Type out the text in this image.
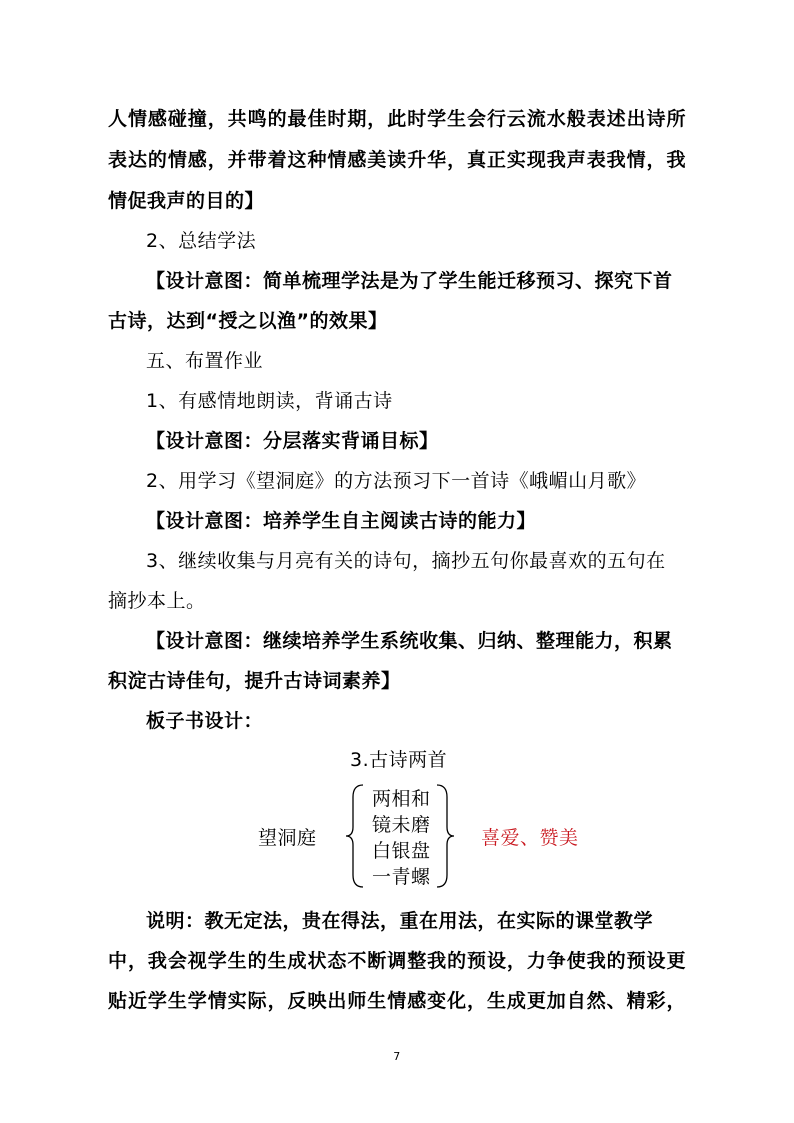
人情感碰撞，共鸣的最佳时期，此时学生会行云流水般表述出诗所
表达的情感，并带着这种情感美读升华，真正实现我声表我情，我
情促我声的目的】
2、总结学法
【设计意图：简单梳理学法是为了学生能迁移预习、探究下首
古诗，达到“授之以渔”的效果】
五、布置作业
1、有感情地朗读，背诵古诗
【设计意图：分层落实背诵目标】
2、用学习《望洞庭》的方法预习下一首诗《峨嵋山月歌》
【设计意图：培养学生自主阅读古诗的能力】
3、继续收集与月亮有关的诗句，摘抄五句你最喜欢的五句在
摘抄本上。
【设计意图：继续培养学生系统收集、归纳、整理能力，积累
积淀古诗佳句，提升古诗词素养】
板子书设计：
3.古诗两首
望洞庭
两相和
镜未磨
白银盘
一青螺
喜爱、赞美
说明：教无定法，贵在得法，重在用法，在实际的课堂教学
中，我会视学生的生成状态不断调整我的预设，力争使我的预设更
贴近学生学情实际，反映出师生情感变化，生成更加自然、精彩，
7
